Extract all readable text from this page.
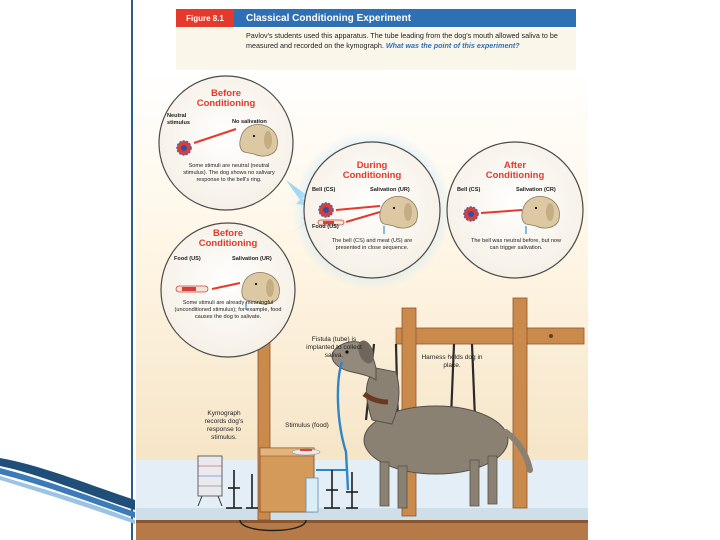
Figure 8.1	Classical Conditioning Experiment
Pavlov's students used this apparatus. The tube leading from the dog's mouth allowed saliva to be measured and recorded on the kymograph. What was the point of this experiment?
Fistula (tube) is implanted to collect saliva.	Harness holds dog in place.
Kymograph records dog's response to stimulus.
Stimulus (food)
Before
Conditioning
Neutral stimulus	No salivation
Some stimuli are neutral (neutral stimulus). The dog shows no salivary response to the bell's ring.
Before
Conditioning
Food (US)	Salivation (UR)
Some stimuli are already meaningful (unconditioned stimulus); for example, food causes the dog to salivate.
During
Conditioning
Bell (CS)	Salivation (UR)
Food (US)
The bell (CS) and meat (US) are presented in close sequence.
After
Conditioning
Bell (CS)	Salivation (CR)
The bell was neutral before, but now can trigger salivation.
